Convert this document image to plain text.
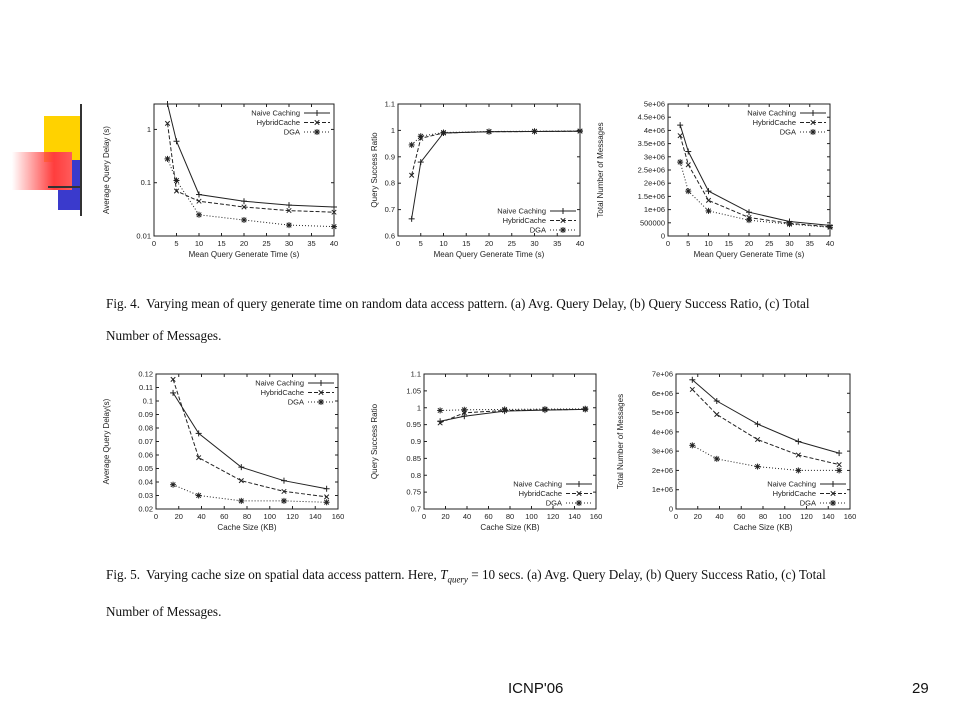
0 5 10 15 20 25 30 35 40
0.01
0.1
1
Mean Query Generate Time (s)
Average Query Delay (s)
Naive Caching
HybridCache
DGA
0 5 10 15 20 25 30 35 40
0.6
0.7
0.8
0.9
1
1.1
Mean Query Generate Time (s)
Query Success Ratio
Naive Caching
HybridCache
DGA
0 5 10 15 20 25 30 35 40
0
500000
1e+06
1.5e+06
2e+06
2.5e+06
3e+06
3.5e+06
4e+06
4.5e+06
5e+06
Mean Query Generate Time (s)
Total Number of Messages
Naive Caching
HybridCache
DGA

Fig. 4. Varying mean of query generate time on random data access pattern. (a) Avg. Query Delay, (b) Query Success Ratio, (c) Total Number of Messages.

0 20 40 60 80 100 120 140 160
0.02
0.03
0.04
0.05
0.06
0.07
0.08
0.09
0.1
0.11
0.12
Cache Size (KB)
Average Query Delay(s)
Naive Caching
HybridCache
DGA
0 20 40 60 80 100 120 140 160
0.7
0.75
0.8
0.85
0.9
0.95
1
1.05
1.1
Cache Size (KB)
Query Success Ratio
Naive Caching
HybridCache
DGA
0 20 40 60 80 100 120 140 160
0
1e+06
2e+06
3e+06
4e+06
5e+06
6e+06
7e+06
Cache Size (KB)
Total Number of Messages	Naive Caching
HybridCache
DGA

Fig. 5. Varying cache size on spatial data access pattern. Here, $T_{query} = 10$ secs. (a) Avg. Query Delay, (b) Query Success Ratio, (c) Total Number of Messages.

ICNP'06	29
